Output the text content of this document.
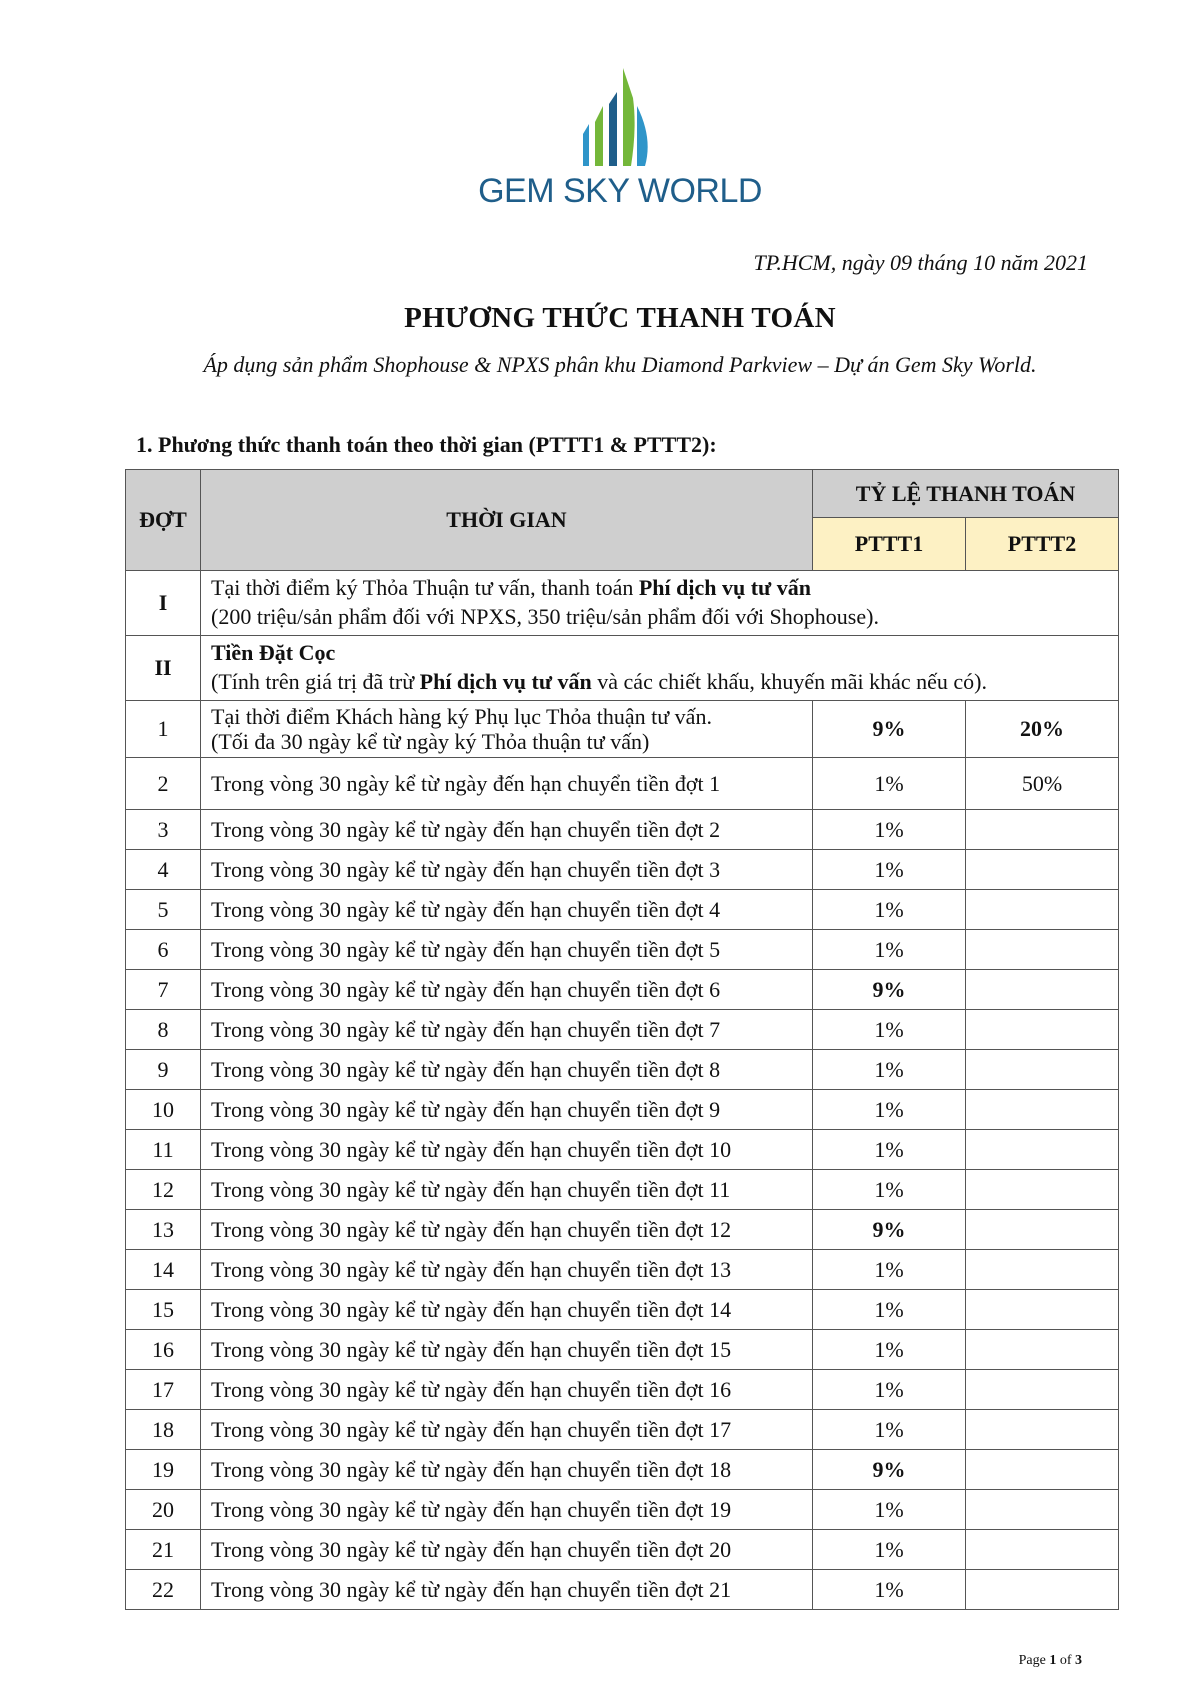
GEM SKY WORLD
TP.HCM, ngày 09 tháng 10 năm 2021
PHƯƠNG THỨC THANH TOÁN
Áp dụng sản phẩm Shophouse & NPXS phân khu Diamond Parkview – Dự án Gem Sky World.
1. Phương thức thanh toán theo thời gian (PTTT1 & PTTT2):
ĐỢT	THỜI GIAN	TỶ LỆ THANH TOÁN	
		PTTT1	PTTT2
I	Tại thời điểm ký Thỏa Thuận tư vấn, thanh toán Phí dịch vụ tư vấn
(200 triệu/sản phẩm đối với NPXS, 350 triệu/sản phẩm đối với Shophouse).		
II	Tiền Đặt Cọc
(Tính trên giá trị đã trừ Phí dịch vụ tư vấn và các chiết khấu, khuyến mãi khác nếu có).		
1	Tại thời điểm Khách hàng ký Phụ lục Thỏa thuận tư vấn.
(Tối đa 30 ngày kể từ ngày ký Thỏa thuận tư vấn)	9%	20%
2	Trong vòng 30 ngày kể từ ngày đến hạn chuyển tiền đợt 1	1%	50%
3	Trong vòng 30 ngày kể từ ngày đến hạn chuyển tiền đợt 2	1%	
4	Trong vòng 30 ngày kể từ ngày đến hạn chuyển tiền đợt 3	1%	
5	Trong vòng 30 ngày kể từ ngày đến hạn chuyển tiền đợt 4	1%	
6	Trong vòng 30 ngày kể từ ngày đến hạn chuyển tiền đợt 5	1%	
7	Trong vòng 30 ngày kể từ ngày đến hạn chuyển tiền đợt 6	9%	
8	Trong vòng 30 ngày kể từ ngày đến hạn chuyển tiền đợt 7	1%	
9	Trong vòng 30 ngày kể từ ngày đến hạn chuyển tiền đợt 8	1%	
10	Trong vòng 30 ngày kể từ ngày đến hạn chuyển tiền đợt 9	1%	
11	Trong vòng 30 ngày kể từ ngày đến hạn chuyển tiền đợt 10	1%	
12	Trong vòng 30 ngày kể từ ngày đến hạn chuyển tiền đợt 11	1%	
13	Trong vòng 30 ngày kể từ ngày đến hạn chuyển tiền đợt 12	9%	
14	Trong vòng 30 ngày kể từ ngày đến hạn chuyển tiền đợt 13	1%	
15	Trong vòng 30 ngày kể từ ngày đến hạn chuyển tiền đợt 14	1%	
16	Trong vòng 30 ngày kể từ ngày đến hạn chuyển tiền đợt 15	1%	
17	Trong vòng 30 ngày kể từ ngày đến hạn chuyển tiền đợt 16	1%	
18	Trong vòng 30 ngày kể từ ngày đến hạn chuyển tiền đợt 17	1%	
19	Trong vòng 30 ngày kể từ ngày đến hạn chuyển tiền đợt 18	9%	
20	Trong vòng 30 ngày kể từ ngày đến hạn chuyển tiền đợt 19	1%	
21	Trong vòng 30 ngày kể từ ngày đến hạn chuyển tiền đợt 20	1%	
22	Trong vòng 30 ngày kể từ ngày đến hạn chuyển tiền đợt 21	1%	
Page 1 of 3
